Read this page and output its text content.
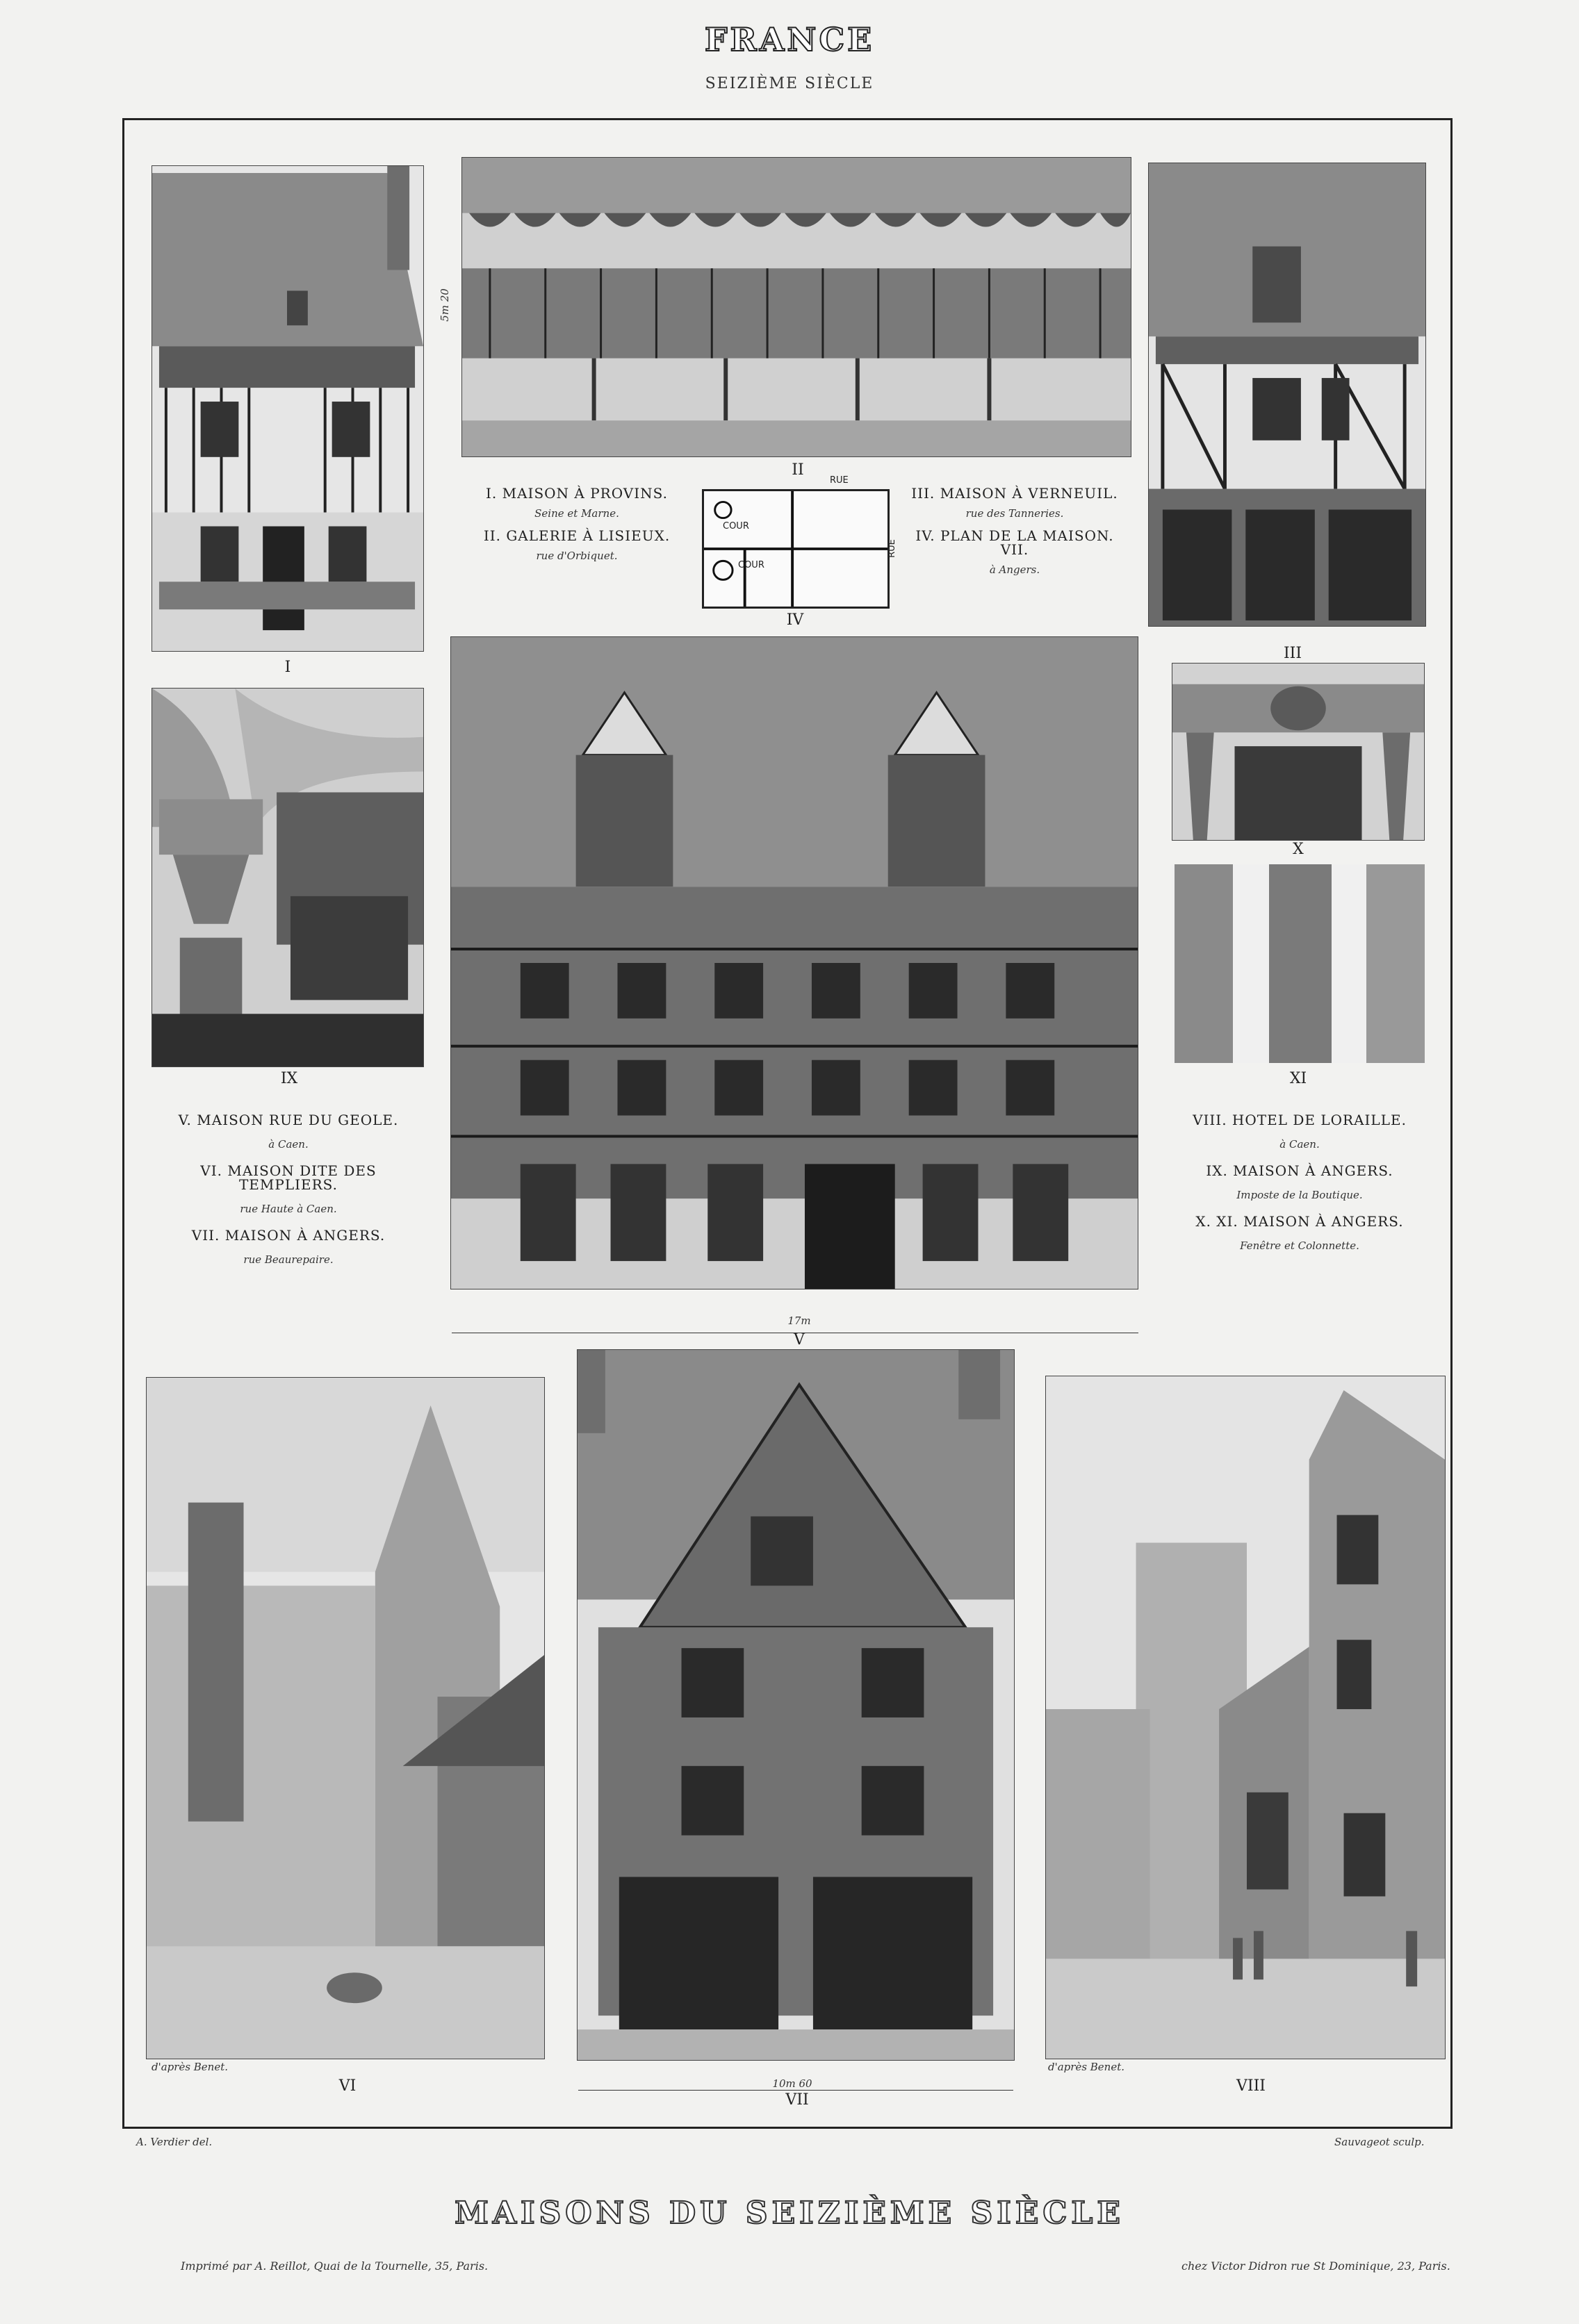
FRANCE
SEIZIÈME SIÈCLE
I
5m 20
II
III
I. MAISON À PROVINS.
Seine et Marne.
II. GALERIE À LISIEUX.
rue d'Orbiquet.
RUE
RUE
COUR
COUR
IV
III. MAISON À VERNEUIL.
rue des Tanneries.
IV. PLAN DE LA MAISON. VII.
à Angers.
IX
17m
V
X
XI
V. MAISON RUE DU GEOLE.
à Caen.
VI. MAISON DITE DES TEMPLIERS.
rue Haute à Caen.
VII. MAISON À ANGERS.
rue Beaurepaire.
VIII. HOTEL DE LORAILLE.
à Caen.
IX. MAISON À ANGERS.
Imposte de la Boutique.
X. XI. MAISON À ANGERS.
Fenêtre et Colonnette.
d'après Benet.
VI	10m 60
VII
d'après Benet.
VIII
A. Verdier del.	Sauvageot sculp.
MAISONS DU SEIZIÈME SIÈCLE
Imprimé par A. Reillot, Quai de la Tournelle, 35, Paris.	chez Victor Didron rue St Dominique, 23, Paris.
